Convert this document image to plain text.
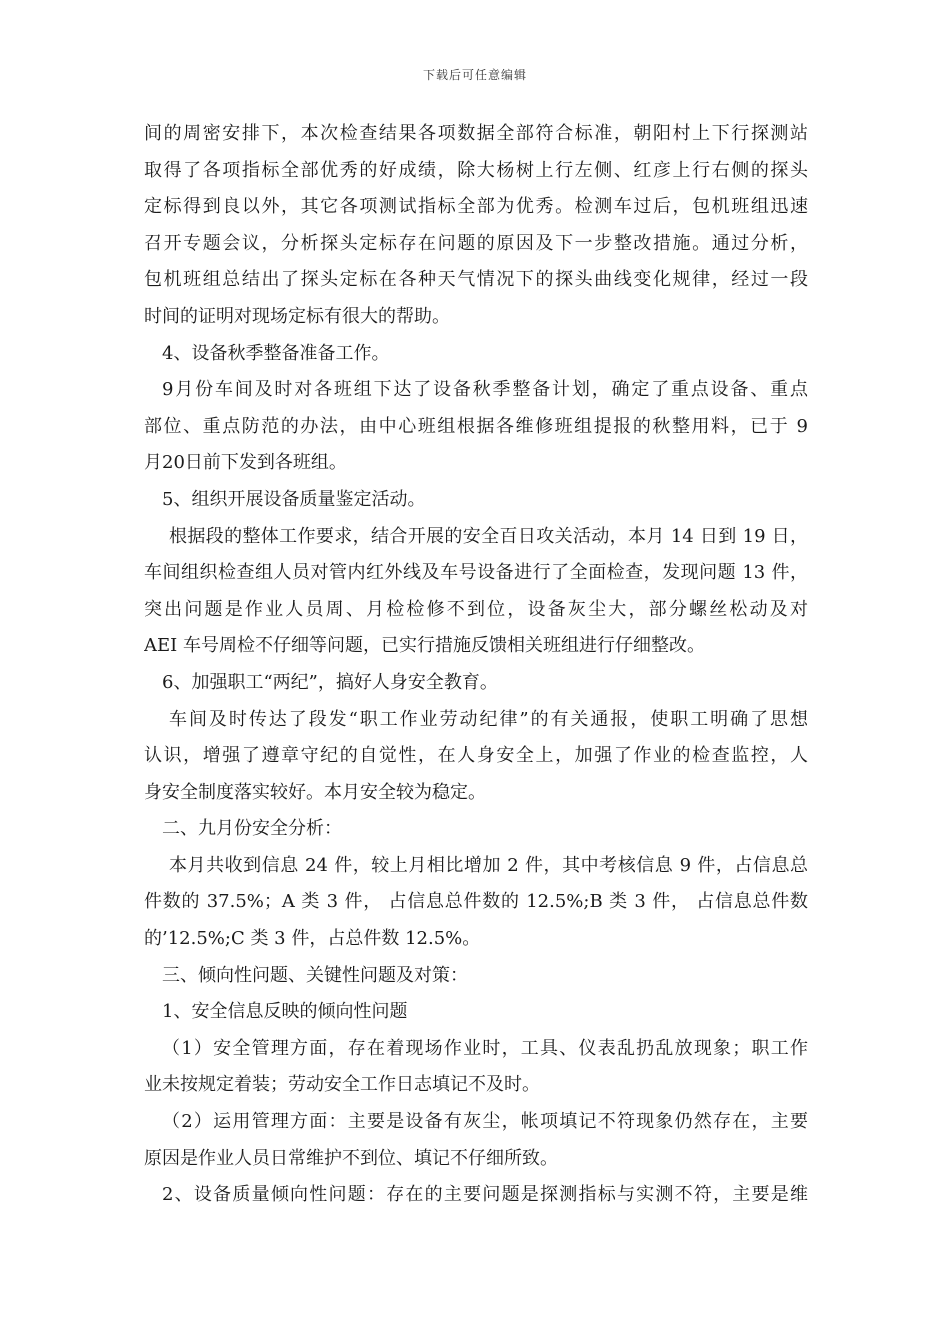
下载后可任意编辑
间的周密安排下，本次检查结果各项数据全部符合标准，朝阳村上下行探测站
取得了各项指标全部优秀的好成绩，除大杨树上行左侧、红彦上行右侧的探头
定标得到良以外，其它各项测试指标全部为优秀。检测车过后，包机班组迅速
召开专题会议，分析探头定标存在问题的原因及下一步整改措施。通过分析，
包机班组总结出了探头定标在各种天气情况下的探头曲线变化规律，经过一段
时间的证明对现场定标有很大的帮助。
4、设备秋季整备准备工作。
9月份车间及时对各班组下达了设备秋季整备计划，确定了重点设备、重点
部位、重点防范的办法，由中心班组根据各维修班组提报的秋整用料，已于 9
月20日前下发到各班组。
5、组织开展设备质量鉴定活动。
根据段的整体工作要求，结合开展的安全百日攻关活动，本月 14 日到 19 日，
车间组织检查组人员对管内红外线及车号设备进行了全面检查，发现问题 13 件，
突出问题是作业人员周、月检检修不到位，设备灰尘大，部分螺丝松动及对
AEI 车号周检不仔细等问题，已实行措施反馈相关班组进行仔细整改。
6、加强职工“两纪”，搞好人身安全教育。
车间及时传达了段发“职工作业劳动纪律”的有关通报，使职工明确了思想
认识，增强了遵章守纪的自觉性，在人身安全上，加强了作业的检查监控，人
身安全制度落实较好。本月安全较为稳定。
二、九月份安全分析：
本月共收到信息 24 件，较上月相比增加 2 件，其中考核信息 9 件，占信息总
件数的 37.5%；A 类 3 件， 占信息总件数的 12.5%;B 类 3 件， 占信息总件数
的’12.5%;C 类 3 件，占总件数 12.5%。
三、倾向性问题、关键性问题及对策：
1、安全信息反映的倾向性问题
（1）安全管理方面，存在着现场作业时，工具、仪表乱扔乱放现象；职工作
业未按规定着装；劳动安全工作日志填记不及时。
（2）运用管理方面：主要是设备有灰尘，帐项填记不符现象仍然存在，主要
原因是作业人员日常维护不到位、填记不仔细所致。
2、设备质量倾向性问题：存在的主要问题是探测指标与实测不符，主要是维
